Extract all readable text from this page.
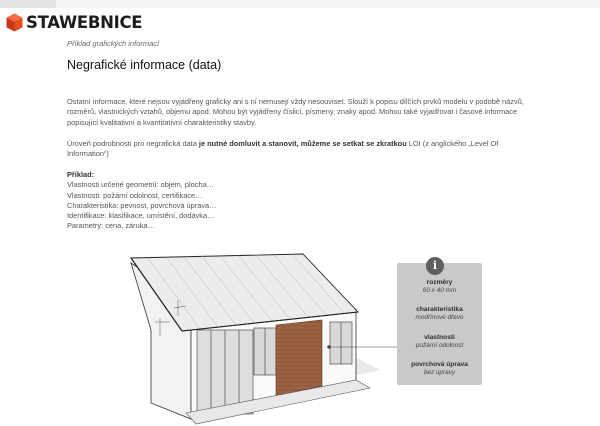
STAWEBNICE
Příklad grafických informací
Negrafické informace (data)

Ostatní informace, které nejsou vyjádřeny graficky ani s ní nemusejí vždy nesouviset. Slouží k popisu dílčích prvků modelu v podobě názvů, rozměrů, vlastnických vztahů, objemu apod. Mohou být vyjádřeny číslicí, písmeny, znaky apod. Mohou také vyjadřovat i časové informace popisující kvalitativní a kvantitativní charakteristiky stavby.

Úroveň podrobnosti pro negrafická data je nutné domluvit a stanovit, můžeme se setkat se zkratkou LOI (z anglického „Level Of Information“)

Příklad:
Vlastnosti určené geometrií: objem, plocha…
Vlastnosti: požární odolnost, certifikace…
Charakteristika: pevnost, povrchová úprava…
Identifikace: klasifikace, umístění, dodávka…
Parametry: cena, záruka…
i
rozměry
60 x 40 mm
charakteristika
modřínové dřevo
vlastnosti
požární odolnost
povrchová úprava
bez úpravy
